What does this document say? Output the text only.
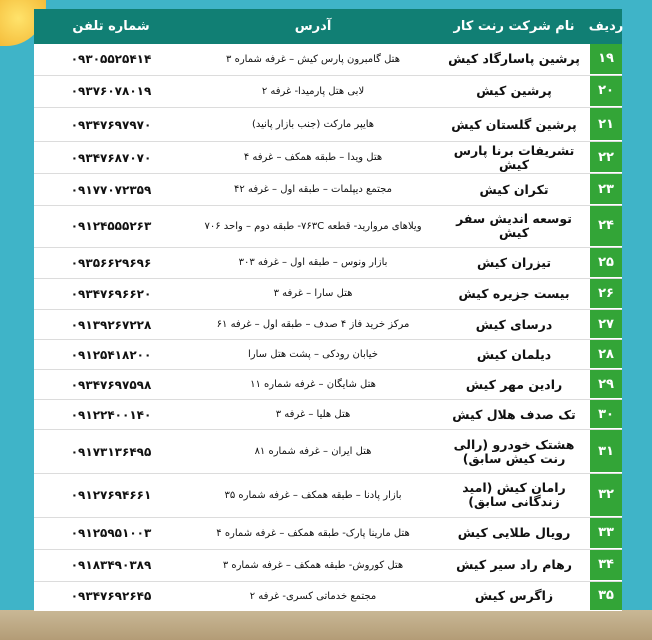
ردیف
نام شرکت رنت کار
آدرس
شماره تلفن
۱۹
پرشین پاسارگاد کیش
هتل گامبرون پارس کیش – غرفه شماره ۳
۰۹۳۰۵۵۲۵۴۱۴
۲۰
پرشین کیش
لابی هتل پارمیدا- غرفه ۲
۰۹۳۷۶۰۷۸۰۱۹
۲۱
پرشین گلستان کیش
هایپر مارکت (جنب بازار پانید)
۰۹۳۴۷۶۹۷۹۷۰
۲۲
تشریفات برنا پارس کیش
هتل ویدا – طبقه همکف – غرفه ۴
۰۹۳۴۷۶۸۷۰۷۰
۲۳
تکران کیش
مجتمع دیپلمات – طبقه اول – غرفه ۴۲
۰۹۱۷۷۰۷۲۳۵۹
۲۴
توسعه اندیش سفر کیش
ویلاهای مروارید- قطعه ۷۶۳C- طبقه دوم – واحد ۷۰۶
۰۹۱۲۴۵۵۵۲۶۳
۲۵
تیزران کیش
بازار ونوس – طبقه اول – غرفه ۳۰۳
۰۹۳۵۶۶۲۹۶۹۶
۲۶
بیست جزیره کیش
هتل سارا – غرفه ۳
۰۹۳۴۷۶۹۶۶۲۰
۲۷
درسای کیش
مرکز خرید فاز ۴ صدف – طبقه اول – غرفه ۶۱
۰۹۱۳۹۲۶۷۲۲۸
۲۸
دیلمان کیش
خیابان رودکی – پشت هتل سارا
۰۹۱۲۵۴۱۸۲۰۰
۲۹
رادین مهر کیش
هتل شایگان – غرفه شماره ۱۱
۰۹۳۴۷۶۹۷۵۹۸
۳۰
تک صدف هلال کیش
هتل هلیا – غرفه ۳
۰۹۱۲۲۴۰۰۱۴۰
۳۱
هشتک خودرو (رالی رنت کیش سابق)
هتل ایران – غرفه شماره ۸۱
۰۹۱۷۳۱۳۶۴۹۵
۳۲
رامان کیش (امید زندگانی سابق)
بازار پادنا – طبقه همکف – غرفه شماره ۳۵
۰۹۱۲۷۶۹۴۶۶۱
۳۳
رویال طلایی کیش
هتل مارینا پارک- طبقه همکف – غرفه شماره ۴
۰۹۱۲۵۹۵۱۰۰۳
۳۴
رهام راد سیر کیش
هتل کوروش- طبقه همکف – غرفه شماره ۳
۰۹۱۸۳۴۹۰۳۸۹
۳۵
زاگرس کیش
مجتمع خدماتی کسری- غرفه ۲
۰۹۳۴۷۶۹۲۶۴۵
